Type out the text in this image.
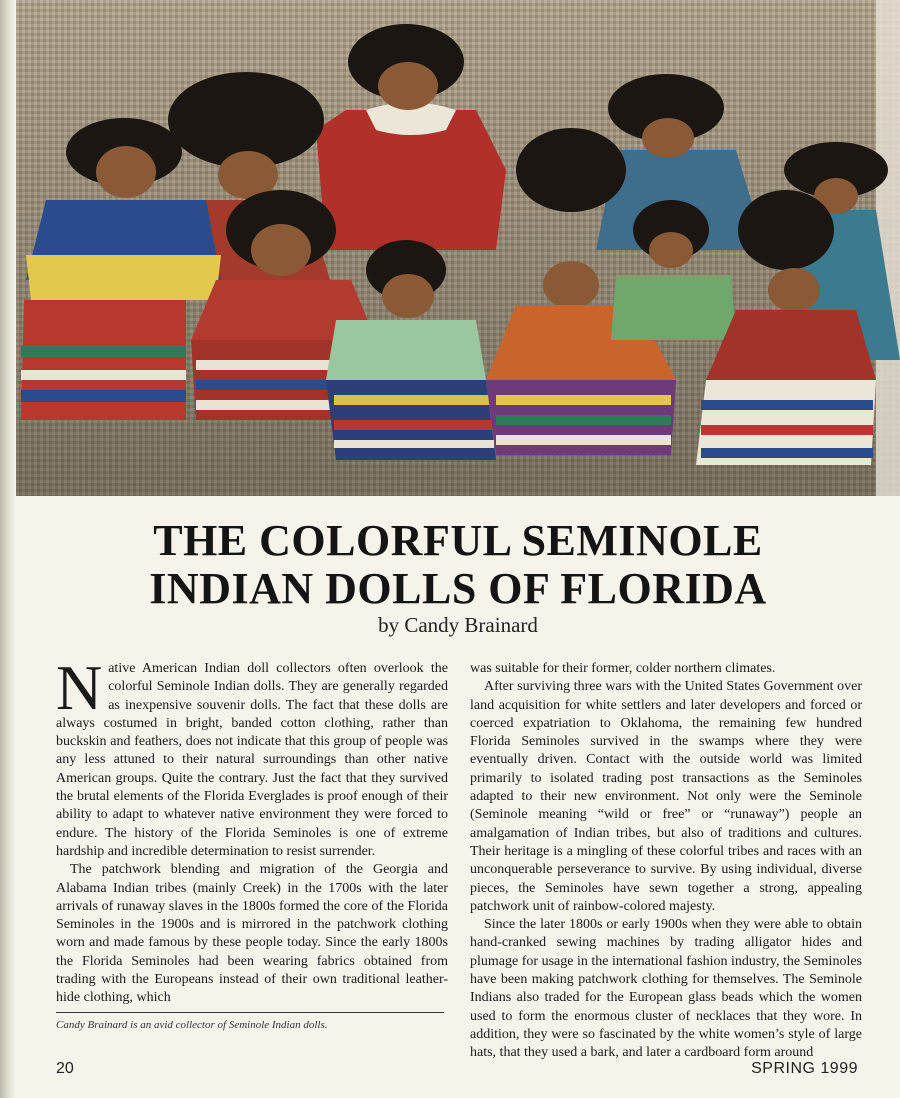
THE COLORFUL SEMINOLE
INDIAN DOLLS OF FLORIDA
by Candy Brainard

Native American Indian doll collectors often overlook the colorful Seminole Indian dolls. They are generally regarded as inexpensive souvenir dolls. The fact that these dolls are always costumed in bright, banded cotton clothing, rather than buckskin and feathers, does not indicate that this group of people was any less attuned to their natural surroundings than other native American groups. Quite the contrary. Just the fact that they survived the brutal elements of the Florida Everglades is proof enough of their ability to adapt to whatever native environment they were forced to endure. The history of the Florida Seminoles is one of extreme hardship and incredible determination to resist surrender.

The patchwork blending and migration of the Georgia and Alabama Indian tribes (mainly Creek) in the 1700s with the later arrivals of runaway slaves in the 1800s formed the core of the Florida Seminoles in the 1900s and is mirrored in the patchwork clothing worn and made famous by these people today. Since the early 1800s the Florida Seminoles had been wearing fabrics obtained from trading with the Europeans instead of their own traditional leather-hide clothing, which

was suitable for their former, colder northern climates.

After surviving three wars with the United States Government over land acquisition for white settlers and later developers and forced or coerced expatriation to Oklahoma, the remaining few hundred Florida Seminoles survived in the swamps where they were eventually driven. Contact with the outside world was limited primarily to isolated trading post transactions as the Seminoles adapted to their new environment. Not only were the Seminole (Seminole meaning “wild or free” or “runaway”) people an amalgamation of Indian tribes, but also of traditions and cultures. Their heritage is a mingling of these colorful tribes and races with an unconquerable perseverance to survive. By using individual, diverse pieces, the Seminoles have sewn together a strong, appealing patchwork unit of rainbow-colored majesty.

Since the later 1800s or early 1900s when they were able to obtain hand-cranked sewing machines by trading alligator hides and plumage for usage in the international fashion industry, the Seminoles have been making patchwork clothing for themselves. The Seminole Indians also traded for the European glass beads which the women used to form the enormous cluster of necklaces that they wore. In addition, they were so fascinated by the white women’s style of large hats, that they used a bark, and later a cardboard form around

Candy Brainard is an avid collector of Seminole Indian dolls.
20	SPRING 1999
